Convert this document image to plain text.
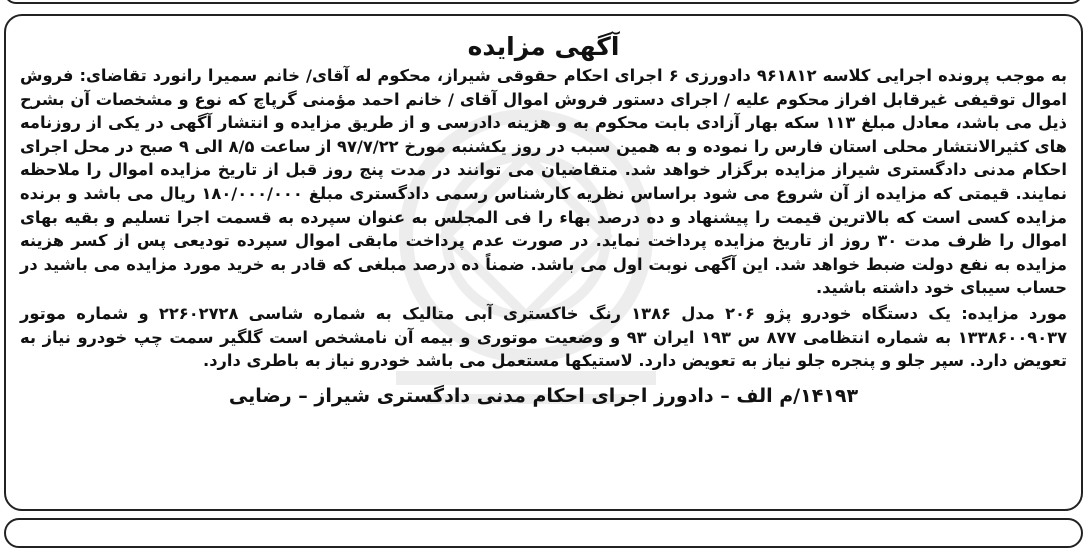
آگهی مزایده

به موجب پرونده اجرایی کلاسه ۹۶۱۸۱۲ دادورزی ۶ اجرای احکام حقوقی شیراز، محکوم له آقای/ خانم سمیرا رانورد تقاضای: فروش اموال توقیفی غیرقابل افراز محکوم علیه / اجرای دستور فروش اموال آقای / خانم احمد مؤمنی گرپاچ که نوع و مشخصات آن بشرح ذیل می باشد، معادل مبلغ ۱۱۳ سکه بهار آزادی بابت محکوم به و هزینه دادرسی و از طریق مزایده و انتشار آگهی در یکی از روزنامه های کثیرالانتشار محلی استان فارس را نموده و به همین سبب در روز یکشنبه مورخ ۹۷/۷/۲۲ از ساعت ۸/۵ الی ۹ صبح در محل اجرای احکام مدنی دادگستری شیراز مزایده برگزار خواهد شد. متقاضیان می توانند در مدت پنج روز قبل از تاریخ مزایده اموال را ملاحظه نمایند. قیمتی که مزایده از آن شروع می شود براساس نظریه کارشناس رسمی دادگستری مبلغ ۱۸۰/۰۰۰/۰۰۰ ریال می باشد و برنده مزایده کسی است که بالاترین قیمت را پیشنهاد و ده درصد بهاء را فی المجلس به عنوان سپرده به قسمت اجرا تسلیم و بقیه بهای اموال را ظرف مدت ۳۰ روز از تاریخ مزایده پرداخت نماید. در صورت عدم پرداخت مابقی اموال سپرده تودیعی پس از کسر هزینه مزایده به نفع دولت ضبط خواهد شد. این آگهی نوبت اول می باشد. ضمناً ده درصد مبلغی که قادر به خرید مورد مزایده می باشید در حساب سیبای خود داشته باشید.

مورد مزایده: یک دستگاه خودرو پژو ۲۰۶ مدل ۱۳۸۶ رنگ خاکستری آبی متالیک به شماره شاسی ۲۲۶۰۲۷۲۸ و شماره موتور ۱۳۳۸۶۰۰۹۰۳۷ به شماره انتظامی ۸۷۷ س ۱۹۳ ایران ۹۳ و وضعیت موتوری و بیمه آن نامشخص است گلگیر سمت چپ خودرو نیاز به تعویض دارد. سپر جلو و پنجره جلو نیاز به تعویض دارد. لاستیکها مستعمل می باشد خودرو نیاز به باطری دارد.

۱۴۱۹۳/م الف – دادورز اجرای احکام مدنی دادگستری شیراز – رضایی
